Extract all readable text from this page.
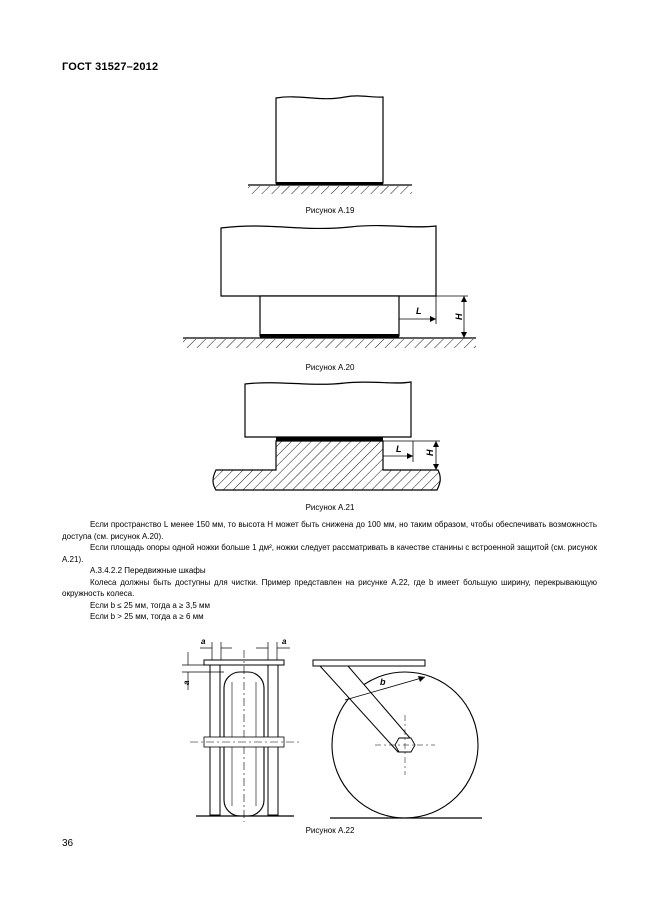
ГОСТ 31527–2012
Рисунок А.19
L
H
Рисунок А.20
L	H
Рисунок А.21

Если пространство L менее 150 мм, то высота H может быть снижена до 100 мм, но таким образом, чтобы обеспечивать возможность доступа (см. рисунок А.20).

Если площадь опоры одной ножки больше 1 дм², ножки следует рассматривать в качестве станины с встроенной защитой (см. рисунок А.21).

А.3.4.2.2 Передвижные шкафы

Колеса должны быть доступны для чистки. Пример представлен на рисунке А.22, где b имеет большую ширину, перекрывающую окружность колеса.

Если b ≤ 25 мм, тогда a ≥ 3,5 мм

Если b > 25 мм, тогда a ≥ 6 мм

a	a
a	b
Рисунок А.22
36
